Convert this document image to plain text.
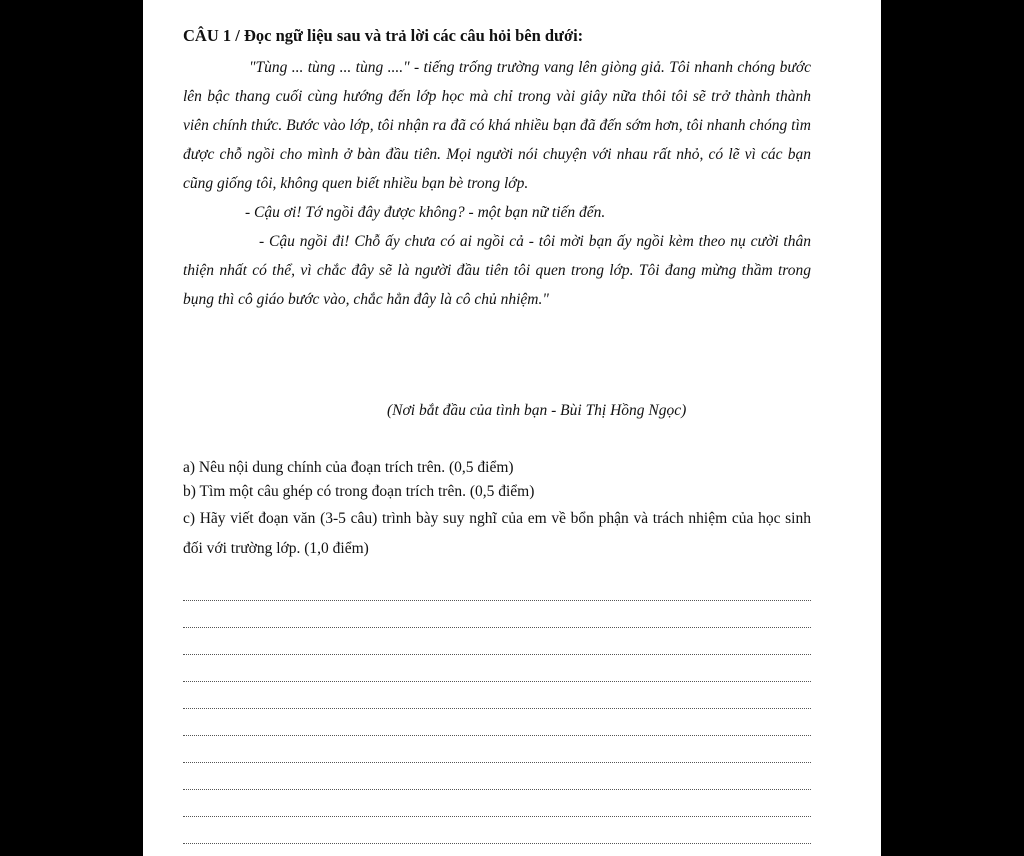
CÂU 1 / Đọc ngữ liệu sau và trả lời các câu hỏi bên dưới:

"Tùng ... tùng ... tùng ...." - tiếng trống trường vang lên giòng giả. Tôi nhanh chóng bước lên bậc thang cuối cùng hướng đến lớp học mà chỉ trong vài giây nữa thôi tôi sẽ trở thành thành viên chính thức. Bước vào lớp, tôi nhận ra đã có khá nhiều bạn đã đến sớm hơn, tôi nhanh chóng tìm được chỗ ngồi cho mình ở bàn đầu tiên. Mọi người nói chuyện với nhau rất nhỏ, có lẽ vì các bạn cũng giống tôi, không quen biết nhiều bạn bè trong lớp.

- Cậu ơi! Tớ ngồi đây được không? - một bạn nữ tiến đến.

- Cậu ngồi đi! Chỗ ấy chưa có ai ngồi cả - tôi mời bạn ấy ngồi kèm theo nụ cười thân thiện nhất có thể, vì chắc đây sẽ là người đầu tiên tôi quen trong lớp. Tôi đang mừng thầm trong bụng thì cô giáo bước vào, chắc hẳn đây là cô chủ nhiệm."

(Nơi bắt đầu của tình bạn - Bùi Thị Hồng Ngọc)
a) Nêu nội dung chính của đoạn trích trên. (0,5 điểm)
b) Tìm một câu ghép có trong đoạn trích trên. (0,5 điểm)
c) Hãy viết đoạn văn (3-5 câu) trình bày suy nghĩ của em về bổn phận và trách nhiệm của học sinh đối với trường lớp. (1,0 điểm)
